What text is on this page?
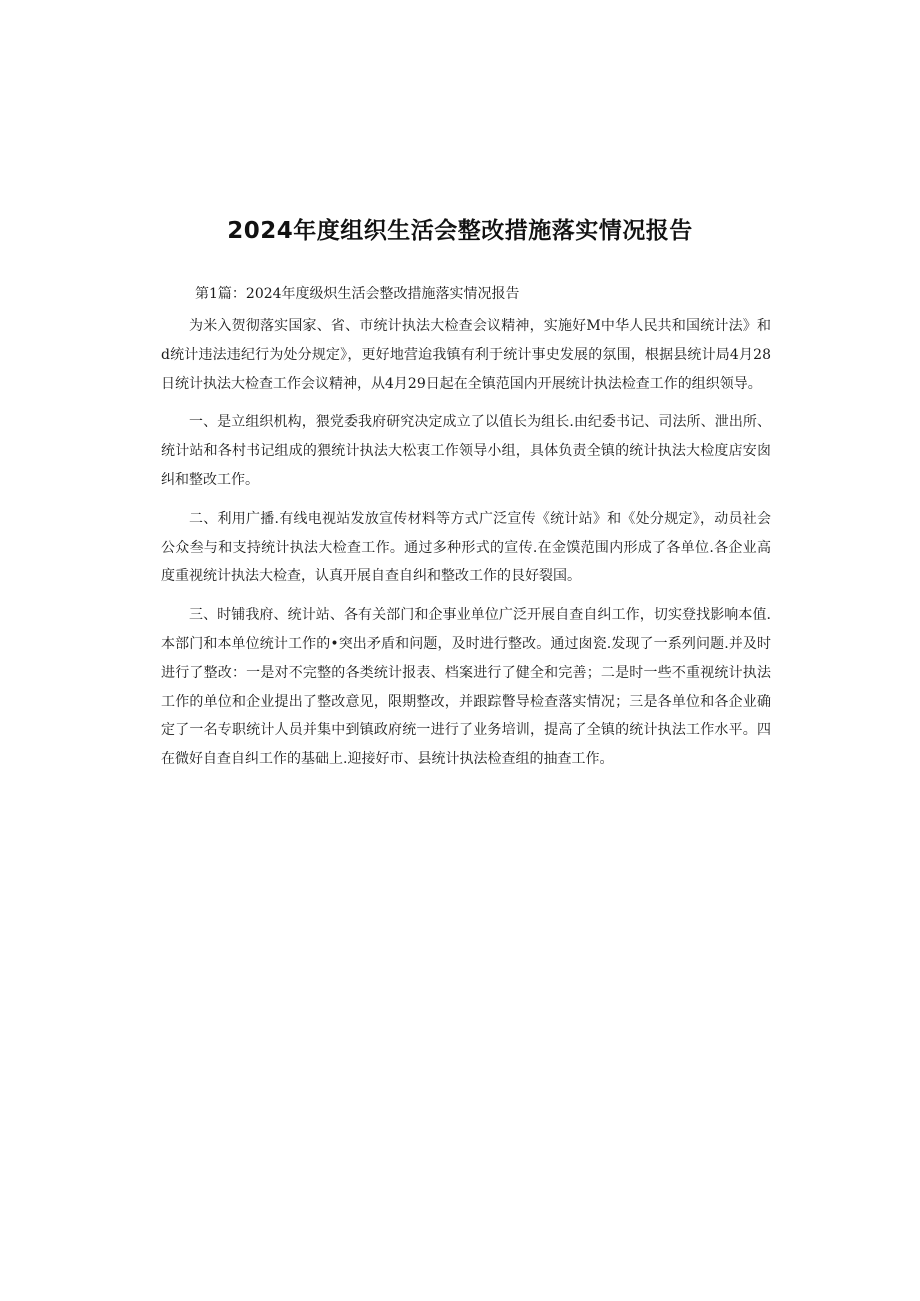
2024年度组织生活会整改措施落实情况报告

第1篇：2024年度级炽生活会整改措施落实情况报告

为米入贺彻落实国家、省、市统计执法大检查会议精神，实施好M中华人民共和国统计法》和d统计违法违纪行为处分规定》，更好地营迨我镇有利于统计事史发展的氛围，根据县统计局4月28日统计执法大检查工作会议精神，从4月29日起在全镇范国内开展统计执法检查工作的组织领导。

一、是立组织机构，猥党委我府研究决定成立了以值长为组长.由纪委书记、司法所、泄出所、统计站和各村书记组成的猥统计执法大松衷工作领导小组，具体负责全镇的统计执法大检度店安囱纠和整改工作。

二、利用广播.有线电视站发放宣传材料等方式广泛宣传《统计站》和《处分规定》，动员社会公众叁与和支持统计执法大检查工作。通过多种形式的宣传.在金馍范围内形成了各单位.各企业高度重视统计执法大检查，认真开展自查自纠和整改工作的艮好裂国。

三、时铺我府、统计站、各有关部门和企事业单位广泛开展自查自纠工作，切实登找影响本值.本部门和本单位统计工作的•突出矛盾和问题，及时进行整改。通过囱瓷.发现了一系列问题.并及时进行了整改：一是对不完整的各类统计报表、档案进行了健全和完善；二是时一些不重视统计执法工作的单位和企业提出了整改意见，限期整改，并跟踪瞥导检查落实情况；三是各单位和各企业确定了一名专职统计人员并集中到镇政府统一进行了业务培训，提高了全镇的统计执法工作水平。四在微好自查自纠工作的基础上.迎接好市、县统计执法检查组的抽查工作。
